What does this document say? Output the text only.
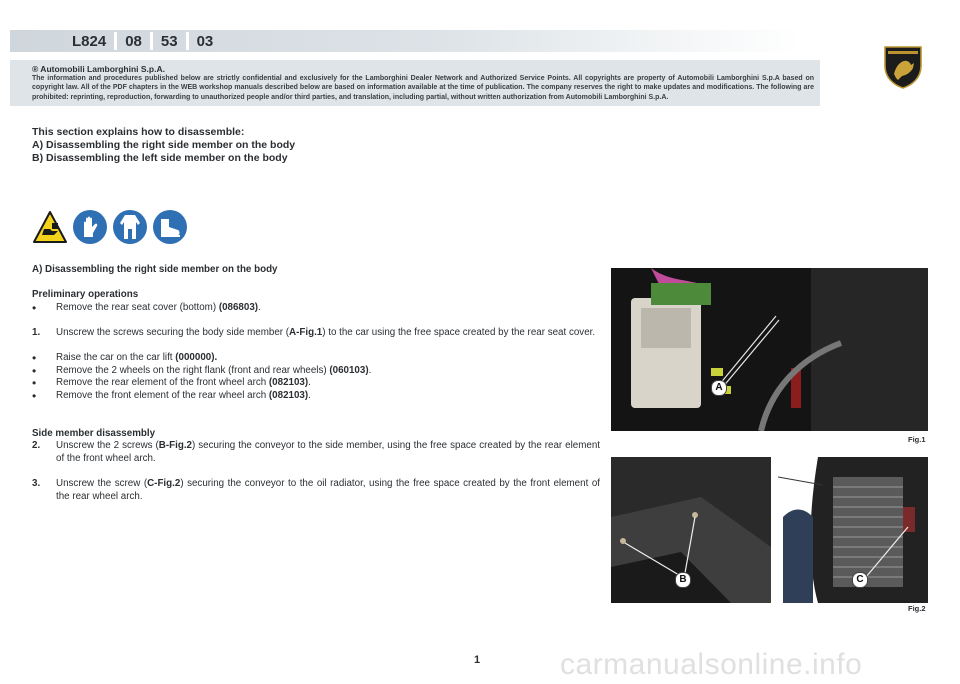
L824 08 53 03
® Automobili Lamborghini S.p.A.
The information and procedures published below are strictly confidential and exclusively for the Lamborghini Dealer Network and Authorized Service Points. All copyrights are property of Automobili Lamborghini S.p.A based on copyright law. All of the PDF chapters in the WEB workshop manuals described below are based on information available at the time of publication. The company reserves the right to make updates and modifications. The following are prohibited: reprinting, reproduction, forwarding to unauthorized people and/or third parties, and translation, including partial, without written authorization from Automobili Lamborghini S.p.A.
This section explains how to disassemble:
A) Disassembling the right side member on the body
B) Disassembling the left side member on the body
A) Disassembling the right side member on the body
Preliminary operations
•	Remove the rear seat cover (bottom) (086803).
1.	Unscrew the screws securing the body side member (A-Fig.1) to the car using the free space created by the rear seat cover.
•	Raise the car on the car lift (000000).
•	Remove the 2 wheels on the right flank (front and rear wheels) (060103).
•	Remove the rear element of the front wheel arch (082103).
•	Remove the front element of the rear wheel arch (082103).
Side member disassembly
2.	Unscrew the 2 screws (B-Fig.2) securing the conveyor to the side member, using the free space created by the rear element of the front wheel arch.
3.	Unscrew the screw (C-Fig.2) securing the conveyor to the oil radiator, using the free space created by the front element of the rear wheel arch.
A
Fig.1
B	C
Fig.2
1	carmanualsonline.info
